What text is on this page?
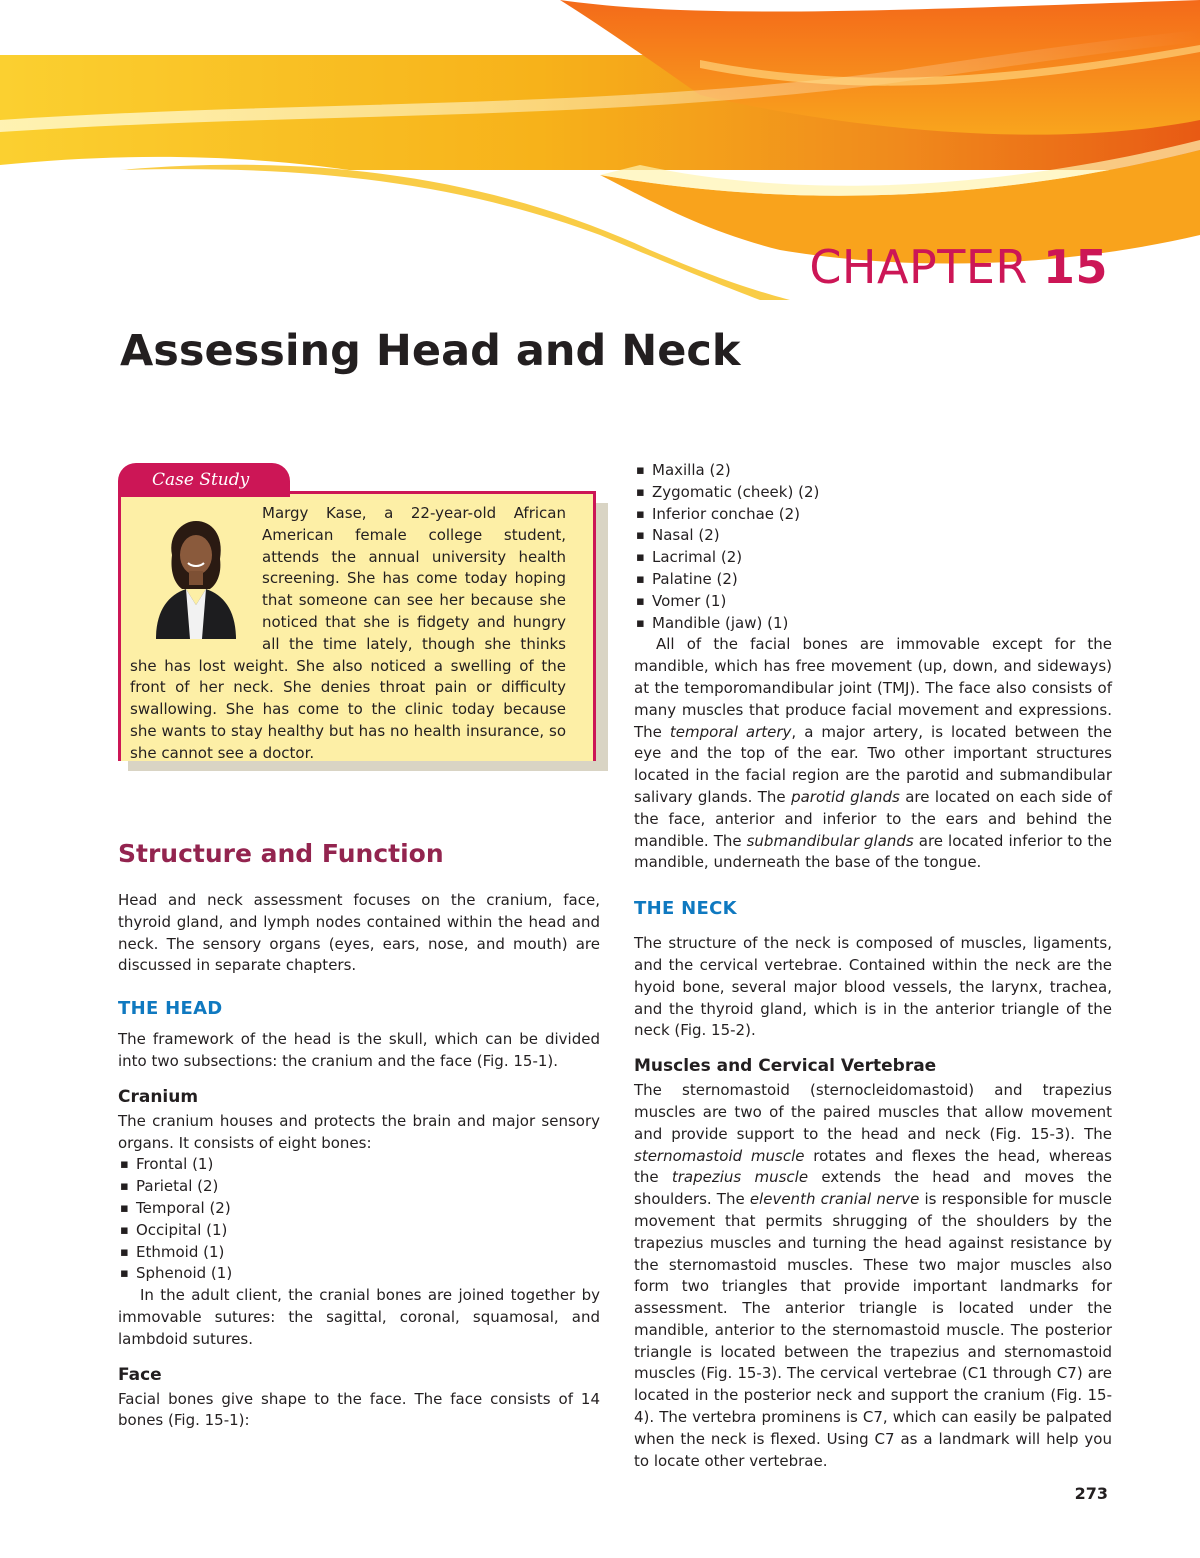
CHAPTER 15
Assessing Head and Neck
Case Study

Margy Kase, a 22-year-old African American female college student, attends the annual university health screening. She has come today hoping that someone can see her because she noticed that she is fidgety and hungry all the time lately, though she thinks she has lost weight. She also noticed a swelling of the front of her neck. She denies throat pain or difficulty swallowing. She has come to the clinic today because she wants to stay healthy but has no health insurance, so she cannot see a doctor.

Structure and Function

Head and neck assessment focuses on the cranium, face, thyroid gland, and lymph nodes contained within the head and neck. The sensory organs (eyes, ears, nose, and mouth) are discussed in separate chapters.

THE HEAD

The framework of the head is the skull, which can be divided into two subsections: the cranium and the face (Fig. 15-1).

Cranium

The cranium houses and protects the brain and major sensory organs. It consists of eight bones:

▪ Frontal (1)
▪ Parietal (2)
▪ Temporal (2)
▪ Occipital (1)
▪ Ethmoid (1)
▪ Sphenoid (1)

In the adult client, the cranial bones are joined together by immovable sutures: the sagittal, coronal, squamosal, and lambdoid sutures.

Face

Facial bones give shape to the face. The face consists of 14 bones (Fig. 15-1):

▪ Maxilla (2)
▪ Zygomatic (cheek) (2)
▪ Inferior conchae (2)
▪ Nasal (2)
▪ Lacrimal (2)
▪ Palatine (2)
▪ Vomer (1)
▪ Mandible (jaw) (1)

All of the facial bones are immovable except for the mandible, which has free movement (up, down, and sideways) at the temporomandibular joint (TMJ). The face also consists of many muscles that produce facial movement and expressions. The temporal artery, a major artery, is located between the eye and the top of the ear. Two other important structures located in the facial region are the parotid and submandibular salivary glands. The parotid glands are located on each side of the face, anterior and inferior to the ears and behind the mandible. The submandibular glands are located inferior to the mandible, underneath the base of the tongue.

THE NECK

The structure of the neck is composed of muscles, ligaments, and the cervical vertebrae. Contained within the neck are the hyoid bone, several major blood vessels, the larynx, trachea, and the thyroid gland, which is in the anterior triangle of the neck (Fig. 15-2).

Muscles and Cervical Vertebrae

The sternomastoid (sternocleidomastoid) and trapezius muscles are two of the paired muscles that allow movement and provide support to the head and neck (Fig. 15-3). The sternomastoid muscle rotates and flexes the head, whereas the trapezius muscle extends the head and moves the shoulders. The eleventh cranial nerve is responsible for muscle movement that permits shrugging of the shoulders by the trapezius muscles and turning the head against resistance by the sternomastoid muscles. These two major muscles also form two triangles that provide important landmarks for assessment. The anterior triangle is located under the mandible, anterior to the sternomastoid muscle. The posterior triangle is located between the trapezius and sternomastoid muscles (Fig. 15-3). The cervical vertebrae (C1 through C7) are located in the posterior neck and support the cranium (Fig. 15-4). The vertebra prominens is C7, which can easily be palpated when the neck is flexed. Using C7 as a landmark will help you to locate other vertebrae.

273
